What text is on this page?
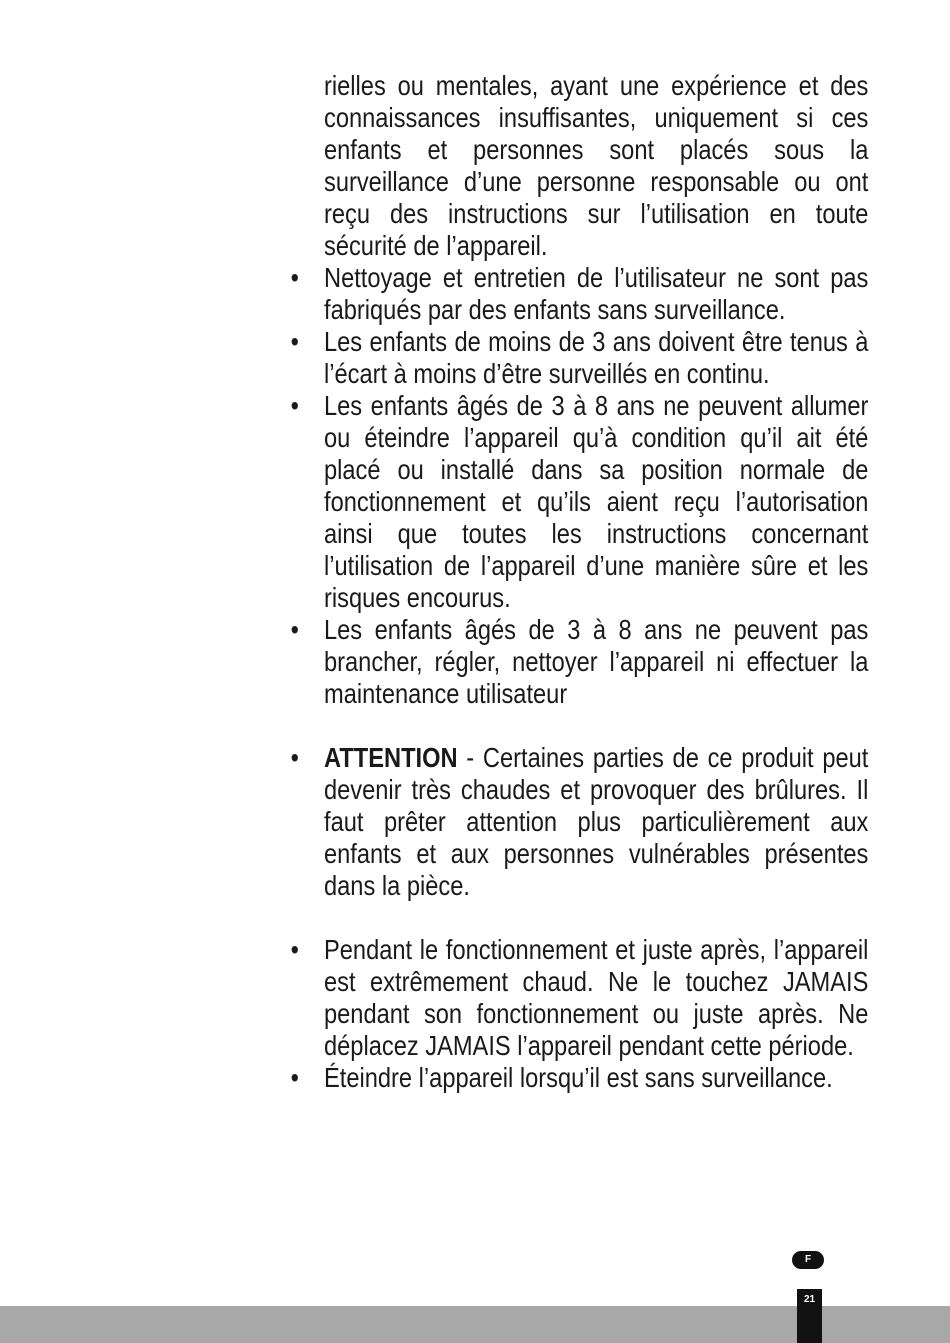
rielles ou mentales, ayant une expérience et des connaissances insuffisantes, uniquement si ces enfants et personnes sont placés sous la surveillance d’une personne responsable ou ont reçu des instructions sur l’utilisation en toute sécurité de l’appareil.

• Nettoyage et entretien de l’utilisateur ne sont pas fabriqués par des enfants sans surveillance.
• Les enfants de moins de 3 ans doivent être tenus à l’écart à moins d’être surveillés en continu.
• Les enfants âgés de 3 à 8 ans ne peuvent allumer ou éteindre l’appareil qu’à condition qu’il ait été placé ou installé dans sa position normale de fonctionnement et qu’ils aient reçu l’autorisation ainsi que toutes les instructions concernant l’utilisation de l’appareil d’une manière sûre et les risques encourus.
• Les enfants âgés de 3 à 8 ans ne peuvent pas brancher, régler, nettoyer l’appareil ni effectuer la maintenance utilisateur
• ATTENTION - Certaines parties de ce produit peut devenir très chaudes et provoquer des brûlures. Il faut prêter attention plus particulièrement aux enfants et aux personnes vulnérables présentes dans la pièce.
• Pendant le fonctionnement et juste après, l’appareil est extrêmement chaud. Ne le touchez JAMAIS pendant son fonctionnement ou juste après. Ne déplacez JAMAIS l’appareil pendant cette période.
• Éteindre l’appareil lorsqu’il est sans surveillance.
F
21
